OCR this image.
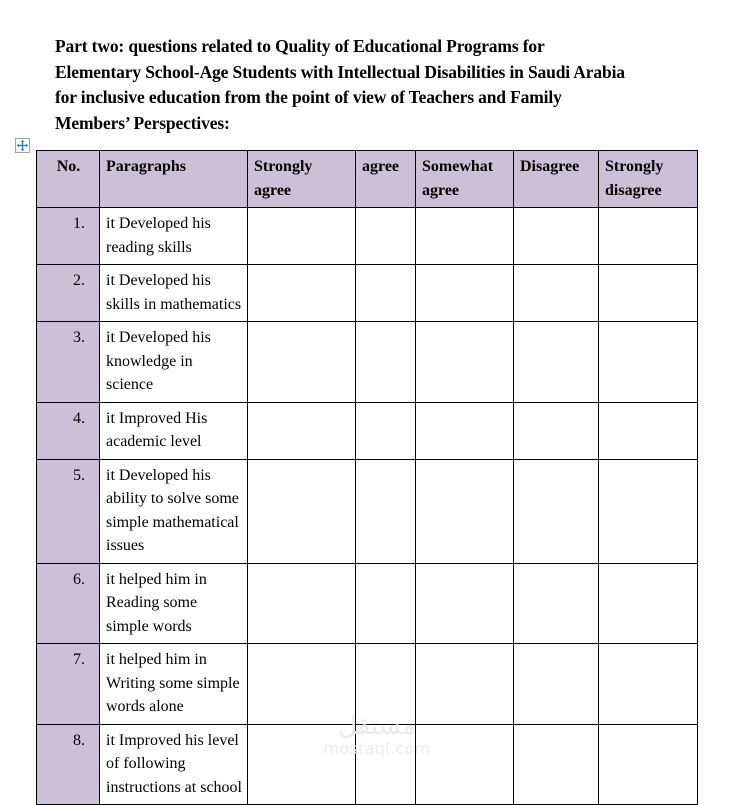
Part two: questions related to Quality of Educational Programs for
Elementary School-Age Students with Intellectual Disabilities in Saudi Arabia
for inclusive education from the point of view of Teachers and Family
Members’ Perspectives:
No.	Paragraphs	Strongly agree	agree	Somewhat agree	Disagree	Strongly disagree
1.	it Developed his reading skills					
2.	it Developed his skills in mathematics					
3.	it Developed his knowledge in science					
4.	it Improved His academic level					
5.	it Developed his ability to solve some simple mathematical issues					
6.	it helped him in Reading some simple words					
7.	it helped him in Writing some simple words alone					
8.	it Improved his level of following instructions at school					
مستقل
mostaql.com
